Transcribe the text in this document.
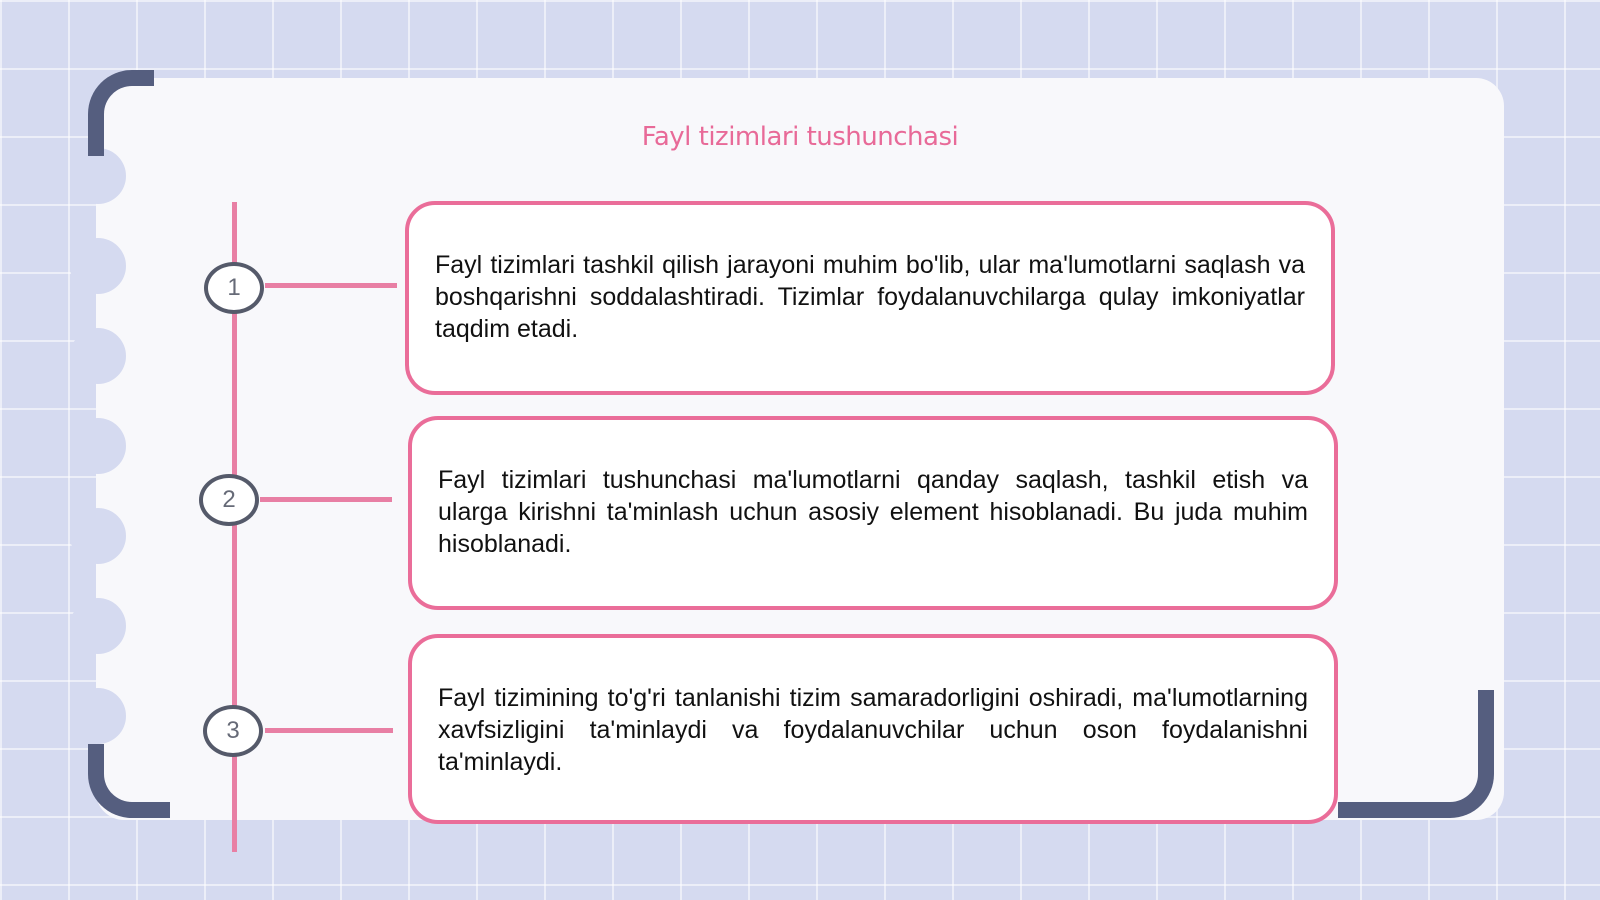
Fayl tizimlari tushunchasi
1
2
3

Fayl tizimlari tashkil qilish jarayoni muhim bo'lib, ular ma'lumotlarni saqlash va boshqarishni soddalashtiradi. Tizimlar foydalanuvchilarga qulay imkoniyatlar taqdim etadi.

Fayl tizimlari tushunchasi ma'lumotlarni qanday saqlash, tashkil etish va ularga kirishni ta'minlash uchun asosiy element hisoblanadi. Bu juda muhim hisoblanadi.

Fayl tizimining to'g'ri tanlanishi tizim samaradorligini oshiradi, ma'lumotlarning xavfsizligini ta'minlaydi va foydalanuvchilar uchun oson foydalanishni ta'minlaydi.
